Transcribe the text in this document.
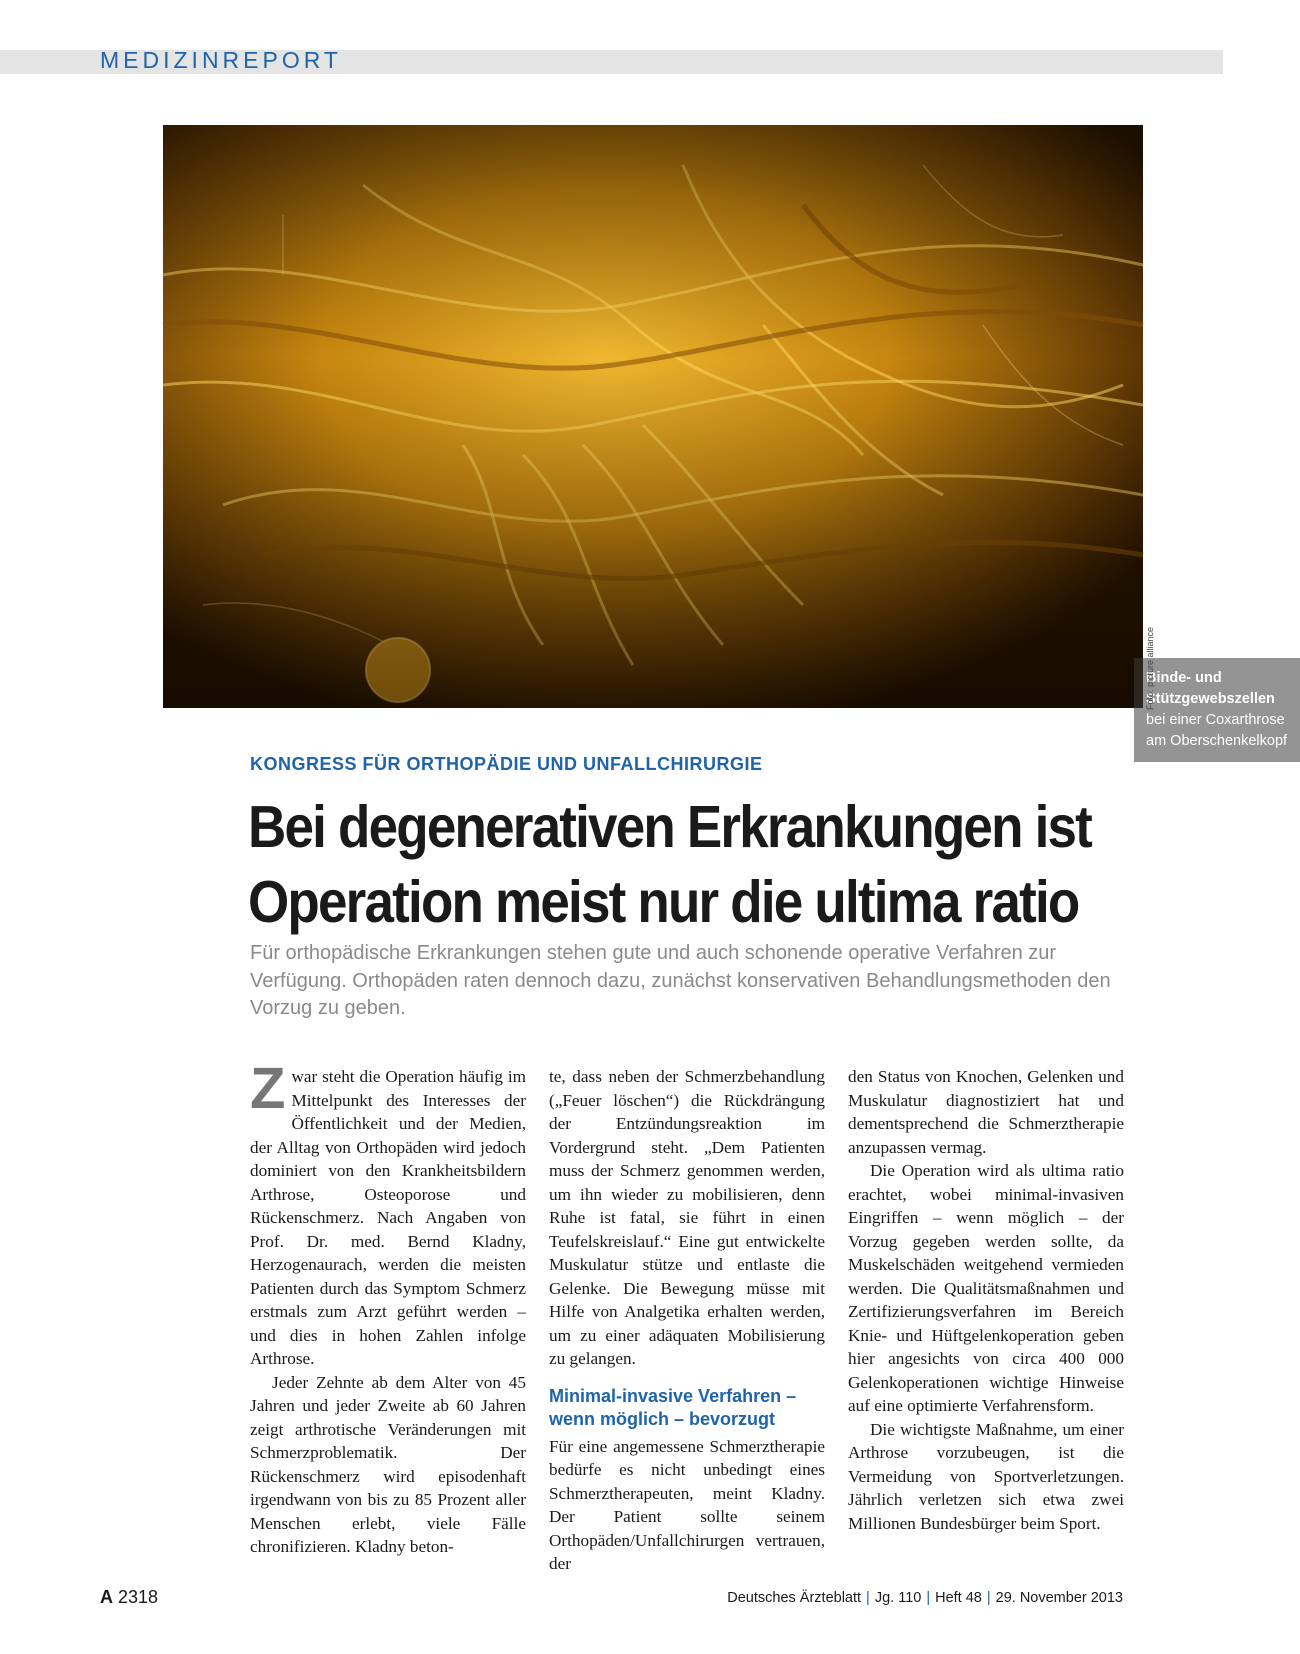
MEDIZINREPORT
Binde- und Stützgewebszellen bei einer Coxarthrose am Oberschenkelkopf
Foto: picture alliance
KONGRESS FÜR ORTHOPÄDIE UND UNFALLCHIRURGIE
Bei degenerativen Erkrankungen ist
Operation meist nur die ultima ratio
Für orthopädische Erkrankungen stehen gute und auch schonende operative Verfahren zur Verfügung. Orthopäden raten dennoch dazu, zunächst konservativen Behandlungsmethoden den Vorzug zu geben.

Zwar steht die Operation häufig im Mittelpunkt des Interesses der Öffentlichkeit und der Medien, der Alltag von Orthopäden wird jedoch dominiert von den Krankheitsbildern Arthrose, Osteoporose und Rückenschmerz. Nach Angaben von Prof. Dr. med. Bernd Kladny, Herzogenaurach, werden die meisten Patienten durch das Symptom Schmerz erstmals zum Arzt geführt werden – und dies in hohen Zahlen infolge Arthrose.

Jeder Zehnte ab dem Alter von 45 Jahren und jeder Zweite ab 60 Jahren zeigt arthrotische Veränderungen mit Schmerzproblematik. Der Rückenschmerz wird episodenhaft irgendwann von bis zu 85 Prozent aller Menschen erlebt, viele Fälle chronifizieren. Kladny beton-

te, dass neben der Schmerzbehandlung („Feuer löschen“) die Rückdrängung der Entzündungsreaktion im Vordergrund steht. „Dem Patienten muss der Schmerz genommen werden, um ihn wieder zu mobilisieren, denn Ruhe ist fatal, sie führt in einen Teufelskreislauf.“ Eine gut entwickelte Muskulatur stütze und entlaste die Gelenke. Die Bewegung müsse mit Hilfe von Analgetika erhalten werden, um zu einer adäquaten Mobilisierung zu gelangen.

Minimal-invasive Verfahren – wenn möglich – bevorzugt

Für eine angemessene Schmerztherapie bedürfe es nicht unbedingt eines Schmerztherapeuten, meint Kladny. Der Patient sollte seinem Orthopäden/Unfallchirurgen vertrauen, der

den Status von Knochen, Gelenken und Muskulatur diagnostiziert hat und dementsprechend die Schmerztherapie anzupassen vermag.

Die Operation wird als ultima ratio erachtet, wobei minimal-invasiven Eingriffen – wenn möglich – der Vorzug gegeben werden sollte, da Muskelschäden weitgehend vermieden werden. Die Qualitätsmaßnahmen und Zertifizierungsverfahren im Bereich Knie- und Hüftgelenkoperation geben hier angesichts von circa 400 000 Gelenkoperationen wichtige Hinweise auf eine optimierte Verfahrensform.

Die wichtigste Maßnahme, um einer Arthrose vorzubeugen, ist die Vermeidung von Sportverletzungen. Jährlich verletzen sich etwa zwei Millionen Bundesbürger beim Sport.

A 2318	Deutsches Ärzteblatt | Jg. 110 | Heft 48 | 29. November 2013
